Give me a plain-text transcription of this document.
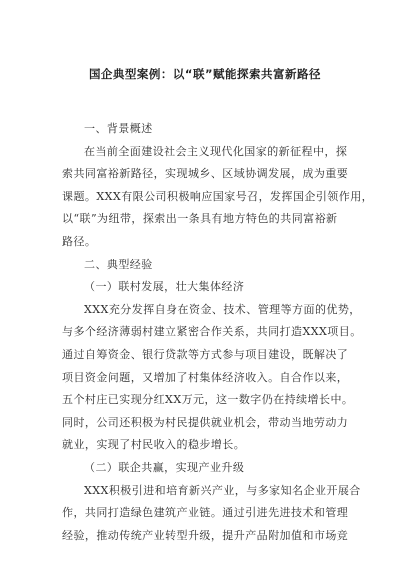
国企典型案例：以“联”赋能探索共富新路径
一、背景概述
在当前全面建设社会主义现代化国家的新征程中，探
索共同富裕新路径，实现城乡、区域协调发展，成为重要
课题。XXX有限公司积极响应国家号召，发挥国企引领作用，
以“联”为纽带，探索出一条具有地方特色的共同富裕新
路径。
二、典型经验
（一）联村发展，壮大集体经济
XXX充分发挥自身在资金、技术、管理等方面的优势，
与多个经济薄弱村建立紧密合作关系，共同打造XXX项目。
通过自筹资金、银行贷款等方式参与项目建设，既解决了
项目资金问题，又增加了村集体经济收入。自合作以来，
五个村庄已实现分红XX万元，这一数字仍在持续增长中。
同时，公司还积极为村民提供就业机会，带动当地劳动力
就业，实现了村民收入的稳步增长。
（二）联企共赢，实现产业升级
XXX积极引进和培育新兴产业，与多家知名企业开展合
作，共同打造绿色建筑产业链。通过引进先进技术和管理
经验，推动传统产业转型升级，提升产品附加值和市场竞
